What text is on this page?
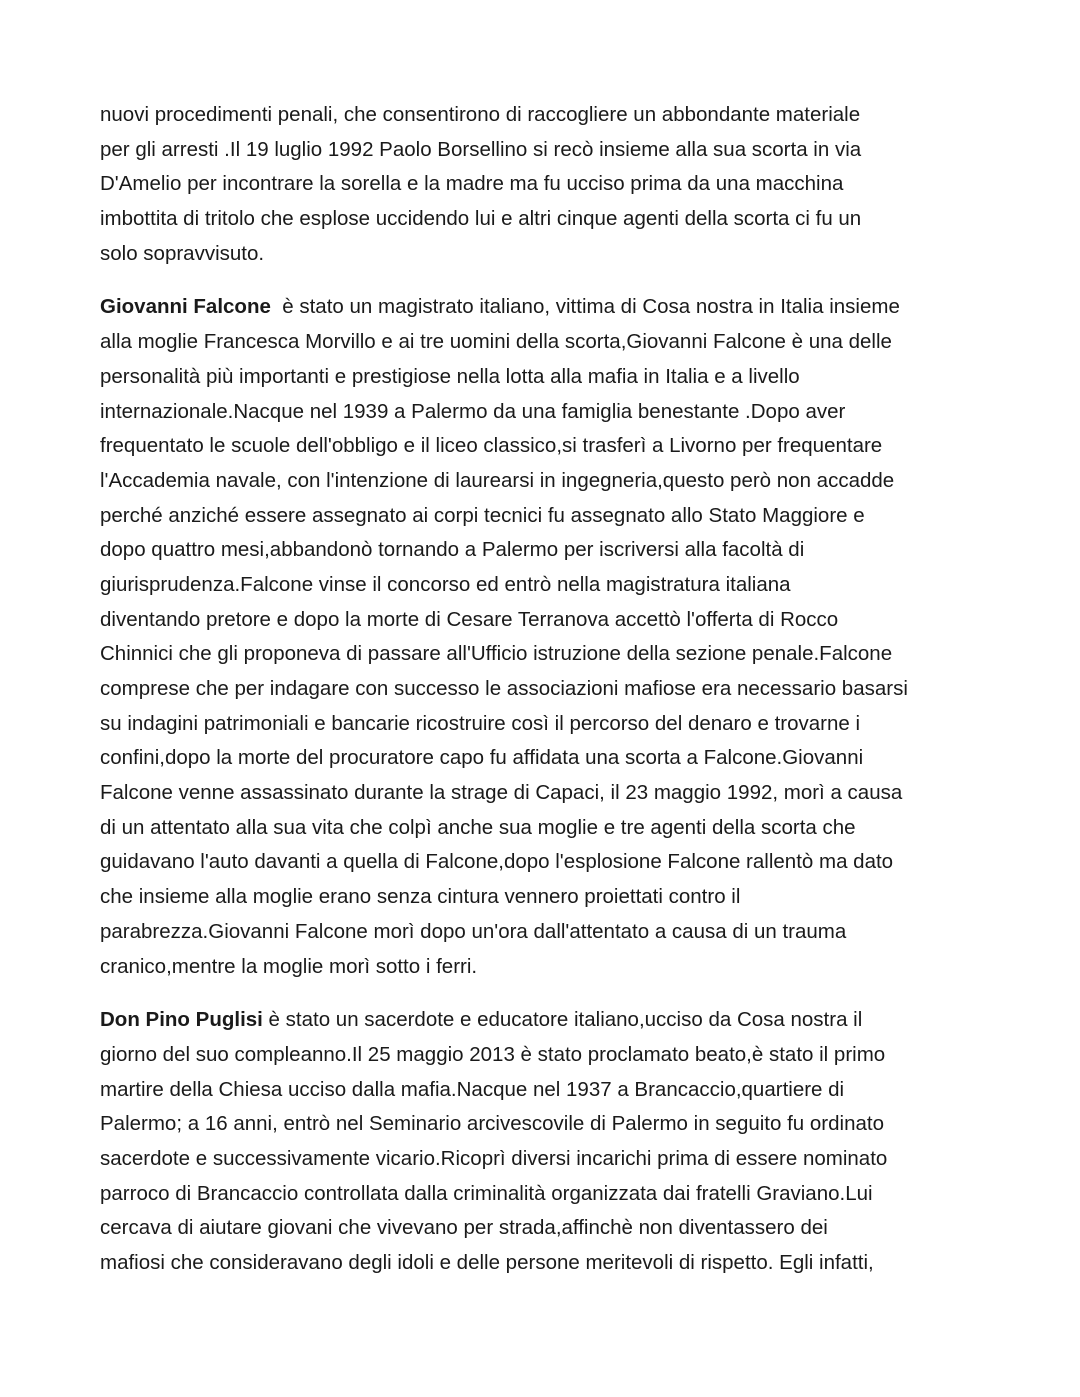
nuovi procedimenti penali, che consentirono di raccogliere un abbondante materiale
per gli arresti .Il 19 luglio 1992 Paolo Borsellino si recò insieme alla sua scorta in via
D'Amelio per incontrare la sorella e la madre ma fu ucciso prima da una macchina
imbottita di tritolo che esplose uccidendo lui e altri cinque agenti della scorta ci fu un
solo sopravvisuto.

Giovanni Falcone  è stato un magistrato italiano, vittima di Cosa nostra in Italia insieme
alla moglie Francesca Morvillo e ai tre uomini della scorta,Giovanni Falcone è una delle
personalità più importanti e prestigiose nella lotta alla mafia in Italia e a livello
internazionale.Nacque nel 1939 a Palermo da una famiglia benestante .Dopo aver
frequentato le scuole dell'obbligo e il liceo classico,si trasferì a Livorno per frequentare
l'Accademia navale, con l'intenzione di laurearsi in ingegneria,questo però non accadde
perché anziché essere assegnato ai corpi tecnici fu assegnato allo Stato Maggiore e
dopo quattro mesi,abbandonò tornando a Palermo per iscriversi alla facoltà di
giurisprudenza.Falcone vinse il concorso ed entrò nella magistratura italiana
diventando pretore e dopo la morte di Cesare Terranova accettò l'offerta di Rocco
Chinnici che gli proponeva di passare all'Ufficio istruzione della sezione penale.Falcone
comprese che per indagare con successo le associazioni mafiose era necessario basarsi
su indagini patrimoniali e bancarie ricostruire così il percorso del denaro e trovarne i
confini,dopo la morte del procuratore capo fu affidata una scorta a Falcone.Giovanni
Falcone venne assassinato durante la strage di Capaci, il 23 maggio 1992, morì a causa
di un attentato alla sua vita che colpì anche sua moglie e tre agenti della scorta che
guidavano l'auto davanti a quella di Falcone,dopo l'esplosione Falcone rallentò ma dato
che insieme alla moglie erano senza cintura vennero proiettati contro il
parabrezza.Giovanni Falcone morì dopo un'ora dall'attentato a causa di un trauma
cranico,mentre la moglie morì sotto i ferri.

Don Pino Puglisi è stato un sacerdote e educatore italiano,ucciso da Cosa nostra il
giorno del suo compleanno.Il 25 maggio 2013 è stato proclamato beato,è stato il primo
martire della Chiesa ucciso dalla mafia.Nacque nel 1937 a Brancaccio,quartiere di
Palermo; a 16 anni, entrò nel Seminario arcivescovile di Palermo in seguito fu ordinato
sacerdote e successivamente vicario.Ricoprì diversi incarichi prima di essere nominato
parroco di Brancaccio controllata dalla criminalità organizzata dai fratelli Graviano.Lui
cercava di aiutare giovani che vivevano per strada,affinchè non diventassero dei
mafiosi che consideravano degli idoli e delle persone meritevoli di rispetto. Egli infatti,
